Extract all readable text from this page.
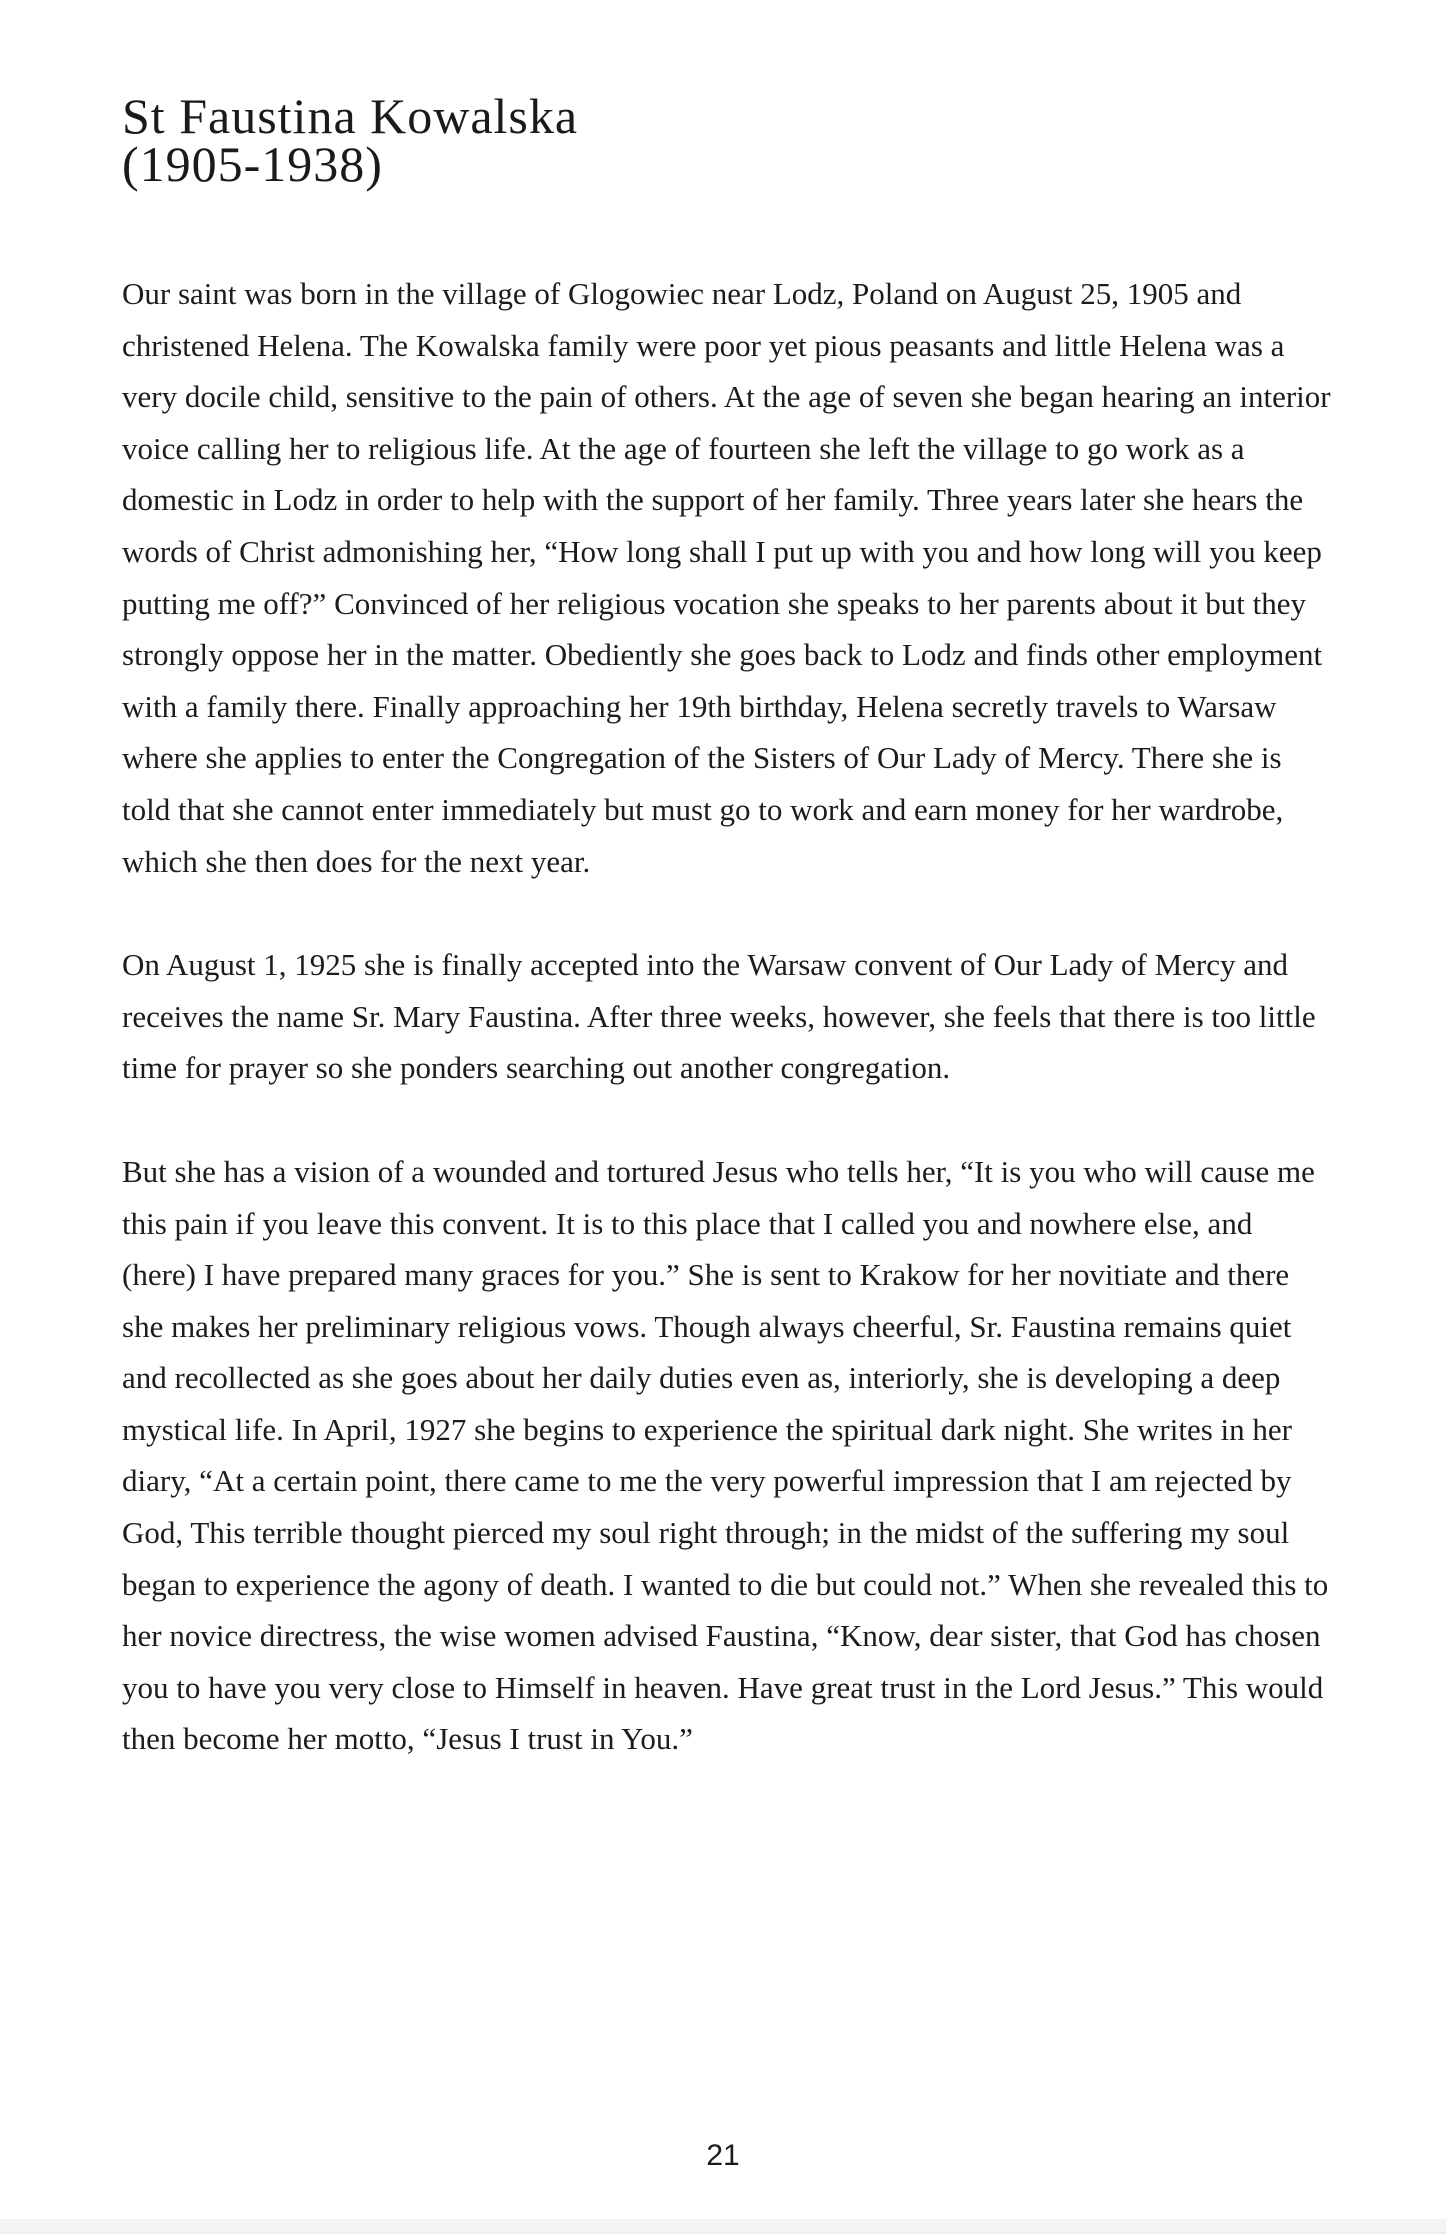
St Faustina Kowalska
(1905-1938)

Our saint was born in the village of Glogowiec near Lodz, Poland on August 25, 1905 and christened Helena. The Kowalska family were poor yet pious peasants and little Helena was a very docile child, sensitive to the pain of others. At the age of seven she began hearing an interior voice calling her to religious life. At the age of fourteen she left the village to go work as a domestic in Lodz in order to help with the support of her family. Three years later she hears the words of Christ admonishing her, “How long shall I put up with you and how long will you keep putting me off?” Convinced of her religious vocation she speaks to her parents about it but they strongly oppose her in the matter. Obediently she goes back to Lodz and finds other employment with a family there. Finally approaching her 19th birthday, Helena secretly travels to Warsaw where she applies to enter the Congregation of the Sisters of Our Lady of Mercy. There she is told that she cannot enter immediately but must go to work and earn money for her wardrobe, which she then does for the next year.

On August 1, 1925 she is finally accepted into the Warsaw convent of Our Lady of Mercy and receives the name Sr. Mary Faustina. After three weeks, however, she feels that there is too little time for prayer so she ponders searching out another congregation.

But she has a vision of a wounded and tortured Jesus who tells her, “It is you who will cause me this pain if you leave this convent. It is to this place that I called you and nowhere else, and (here) I have prepared many graces for you.” She is sent to Krakow for her novitiate and there she makes her preliminary religious vows. Though always cheerful, Sr. Faustina remains quiet and recollected as she goes about her daily duties even as, interiorly, she is developing a deep mystical life. In April, 1927 she begins to experience the spiritual dark night. She writes in her diary, “At a certain point, there came to me the very powerful impression that I am rejected by God, This terrible thought pierced my soul right through; in the midst of the suffering my soul began to experience the agony of death. I wanted to die but could not.” When she revealed this to her novice directress, the wise women advised Faustina, “Know, dear sister, that God has chosen you to have you very close to Himself in heaven. Have great trust in the Lord Jesus.” This would then become her motto, “Jesus I trust in You.”

21
